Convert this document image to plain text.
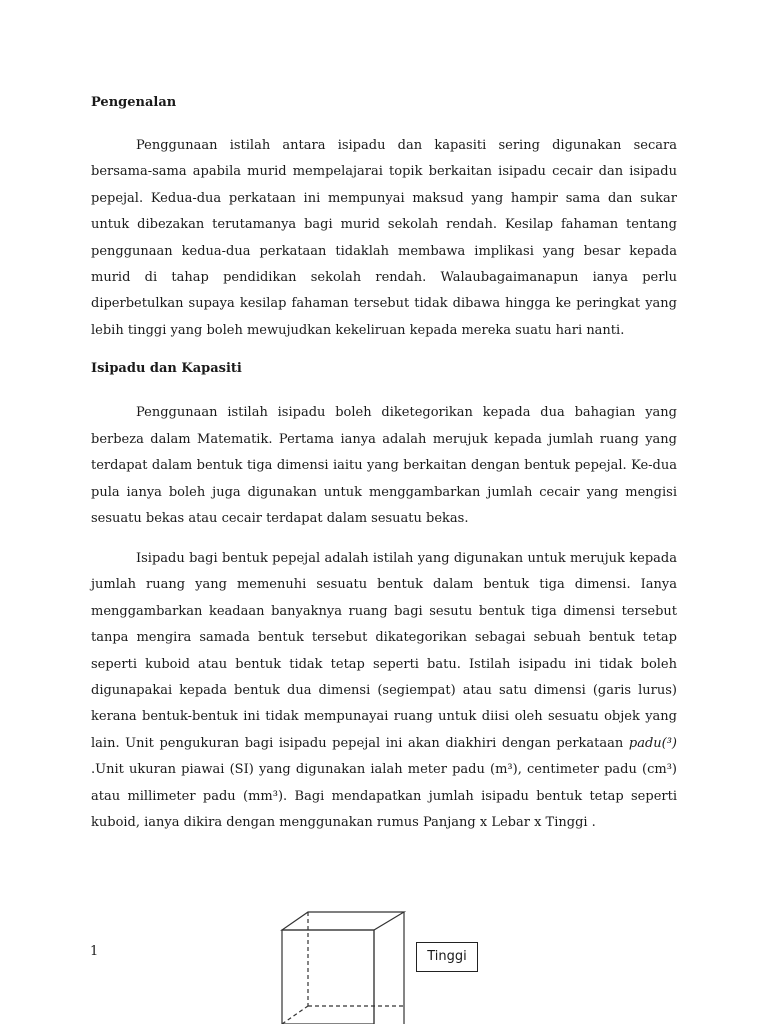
Pengenalan

Penggunaan istilah antara isipadu dan kapasiti sering digunakan secara bersama-sama apabila murid mempelajarai topik berkaitan isipadu cecair dan isipadu pepejal. Kedua-dua perkataan ini mempunyai maksud yang hampir sama dan sukar untuk dibezakan terutamanya bagi murid sekolah rendah. Kesilap fahaman tentang penggunaan kedua-dua perkataan tidaklah membawa implikasi yang besar kepada murid di tahap pendidikan sekolah rendah. Walaubagaimanapun ianya perlu diperbetulkan supaya kesilap fahaman tersebut tidak dibawa hingga ke peringkat yang lebih tinggi yang boleh mewujudkan kekeliruan kepada mereka suatu hari nanti.

Isipadu dan Kapasiti

Penggunaan istilah isipadu boleh diketegorikan kepada dua bahagian yang berbeza dalam Matematik. Pertama ianya adalah merujuk kepada jumlah ruang yang terdapat dalam bentuk tiga dimensi iaitu yang berkaitan dengan bentuk pepejal. Ke-dua pula ianya boleh juga digunakan untuk menggambarkan jumlah cecair yang mengisi sesuatu bekas atau cecair terdapat dalam sesuatu bekas.

Isipadu bagi bentuk pepejal adalah istilah yang digunakan untuk merujuk kepada jumlah ruang yang memenuhi sesuatu bentuk dalam bentuk tiga dimensi. Ianya menggambarkan keadaan banyaknya ruang bagi sesutu bentuk tiga dimensi tersebut tanpa mengira samada bentuk tersebut dikategorikan sebagai sebuah bentuk tetap seperti kuboid atau bentuk tidak tetap seperti batu. Istilah isipadu ini tidak boleh digunapakai kepada bentuk dua dimensi (segiempat) atau satu dimensi (garis lurus) kerana bentuk-bentuk ini tidak mempunayai ruang untuk diisi oleh sesuatu objek yang lain. Unit pengukuran bagi isipadu pepejal ini akan diakhiri dengan perkataan padu(³) .Unit ukuran piawai (SI) yang digunakan ialah meter padu (m³), centimeter padu (cm³) atau millimeter padu (mm³). Bagi mendapatkan jumlah isipadu bentuk tetap seperti kuboid, ianya dikira dengan menggunakan rumus Panjang x Lebar x Tinggi .

Tinggi
1
